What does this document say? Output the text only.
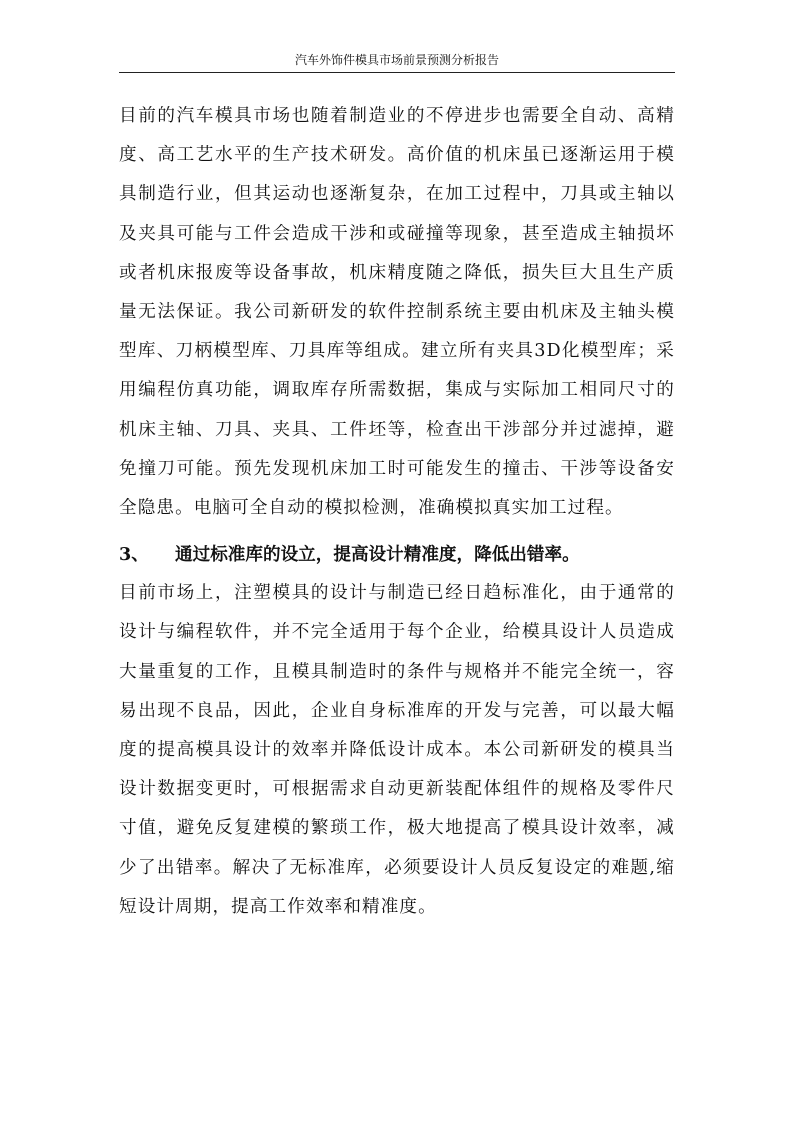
汽车外饰件模具市场前景预测分析报告

目前的汽车模具市场也随着制造业的不停进步也需要全自动、高精度、高工艺水平的生产技术研发。高价值的机床虽已逐渐运用于模具制造行业，但其运动也逐渐复杂，在加工过程中，刀具或主轴以及夹具可能与工件会造成干涉和或碰撞等现象，甚至造成主轴损坏或者机床报废等设备事故，机床精度随之降低，损失巨大且生产质量无法保证。我公司新研发的软件控制系统主要由机床及主轴头模型库、刀柄模型库、刀具库等组成。建立所有夹具3D化模型库；采用编程仿真功能，调取库存所需数据，集成与实际加工相同尺寸的机床主轴、刀具、夹具、工件坯等，检查出干涉部分并过滤掉，避免撞刀可能。预先发现机床加工时可能发生的撞击、干涉等设备安全隐患。电脑可全自动的模拟检测，准确模拟真实加工过程。

3、 通过标准库的设立，提高设计精准度，降低出错率。

目前市场上，注塑模具的设计与制造已经日趋标准化，由于通常的设计与编程软件，并不完全适用于每个企业，给模具设计人员造成大量重复的工作，且模具制造时的条件与规格并不能完全统一，容易出现不良品，因此，企业自身标准库的开发与完善，可以最大幅度的提高模具设计的效率并降低设计成本。本公司新研发的模具当设计数据变更时，可根据需求自动更新装配体组件的规格及零件尺寸值，避免反复建模的繁琐工作，极大地提高了模具设计效率，减少了出错率。解决了无标准库，必须要设计人员反复设定的难题,缩短设计周期，提高工作效率和精准度。
